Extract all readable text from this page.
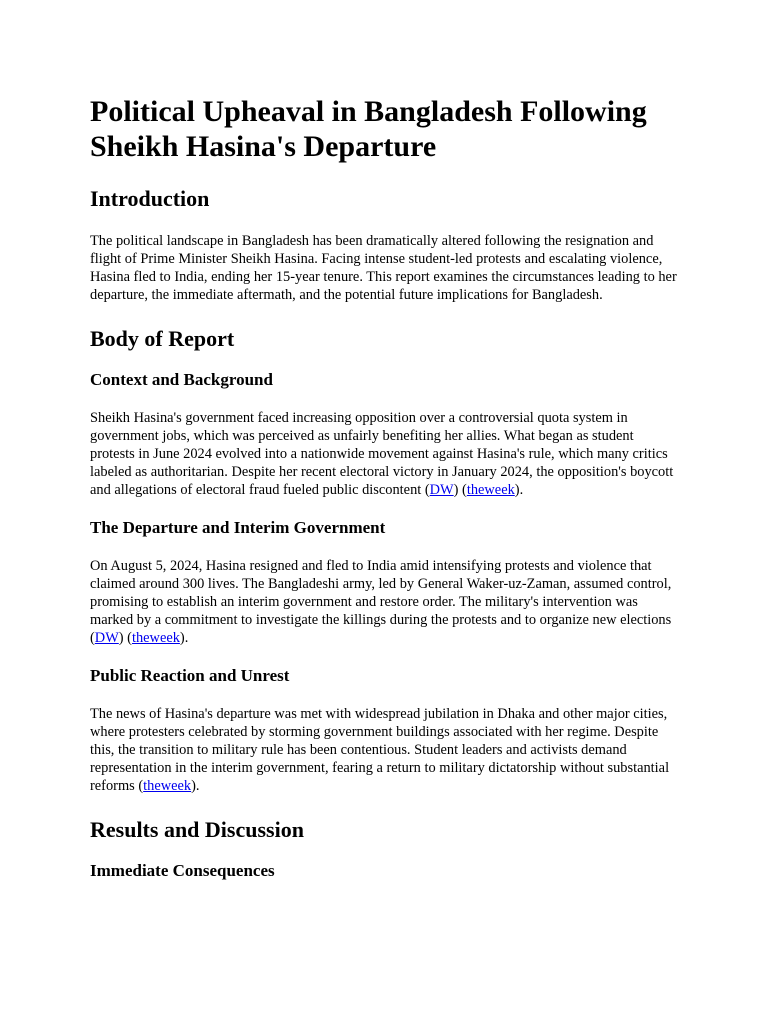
Political Upheaval in Bangladesh Following Sheikh Hasina's Departure
Introduction

The political landscape in Bangladesh has been dramatically altered following the resignation and flight of Prime Minister Sheikh Hasina. Facing intense student-led protests and escalating violence, Hasina fled to India, ending her 15-year tenure. This report examines the circumstances leading to her departure, the immediate aftermath, and the potential future implications for Bangladesh.

Body of Report
Context and Background

Sheikh Hasina's government faced increasing opposition over a controversial quota system in government jobs, which was perceived as unfairly benefiting her allies. What began as student protests in June 2024 evolved into a nationwide movement against Hasina's rule, which many critics labeled as authoritarian. Despite her recent electoral victory in January 2024, the opposition's boycott and allegations of electoral fraud fueled public discontent (DW) (theweek).

The Departure and Interim Government

On August 5, 2024, Hasina resigned and fled to India amid intensifying protests and violence that claimed around 300 lives. The Bangladeshi army, led by General Waker-uz-Zaman, assumed control, promising to establish an interim government and restore order. The military's intervention was marked by a commitment to investigate the killings during the protests and to organize new elections (DW) (theweek).

Public Reaction and Unrest

The news of Hasina's departure was met with widespread jubilation in Dhaka and other major cities, where protesters celebrated by storming government buildings associated with her regime. Despite this, the transition to military rule has been contentious. Student leaders and activists demand representation in the interim government, fearing a return to military dictatorship without substantial reforms (theweek).

Results and Discussion
Immediate Consequences
